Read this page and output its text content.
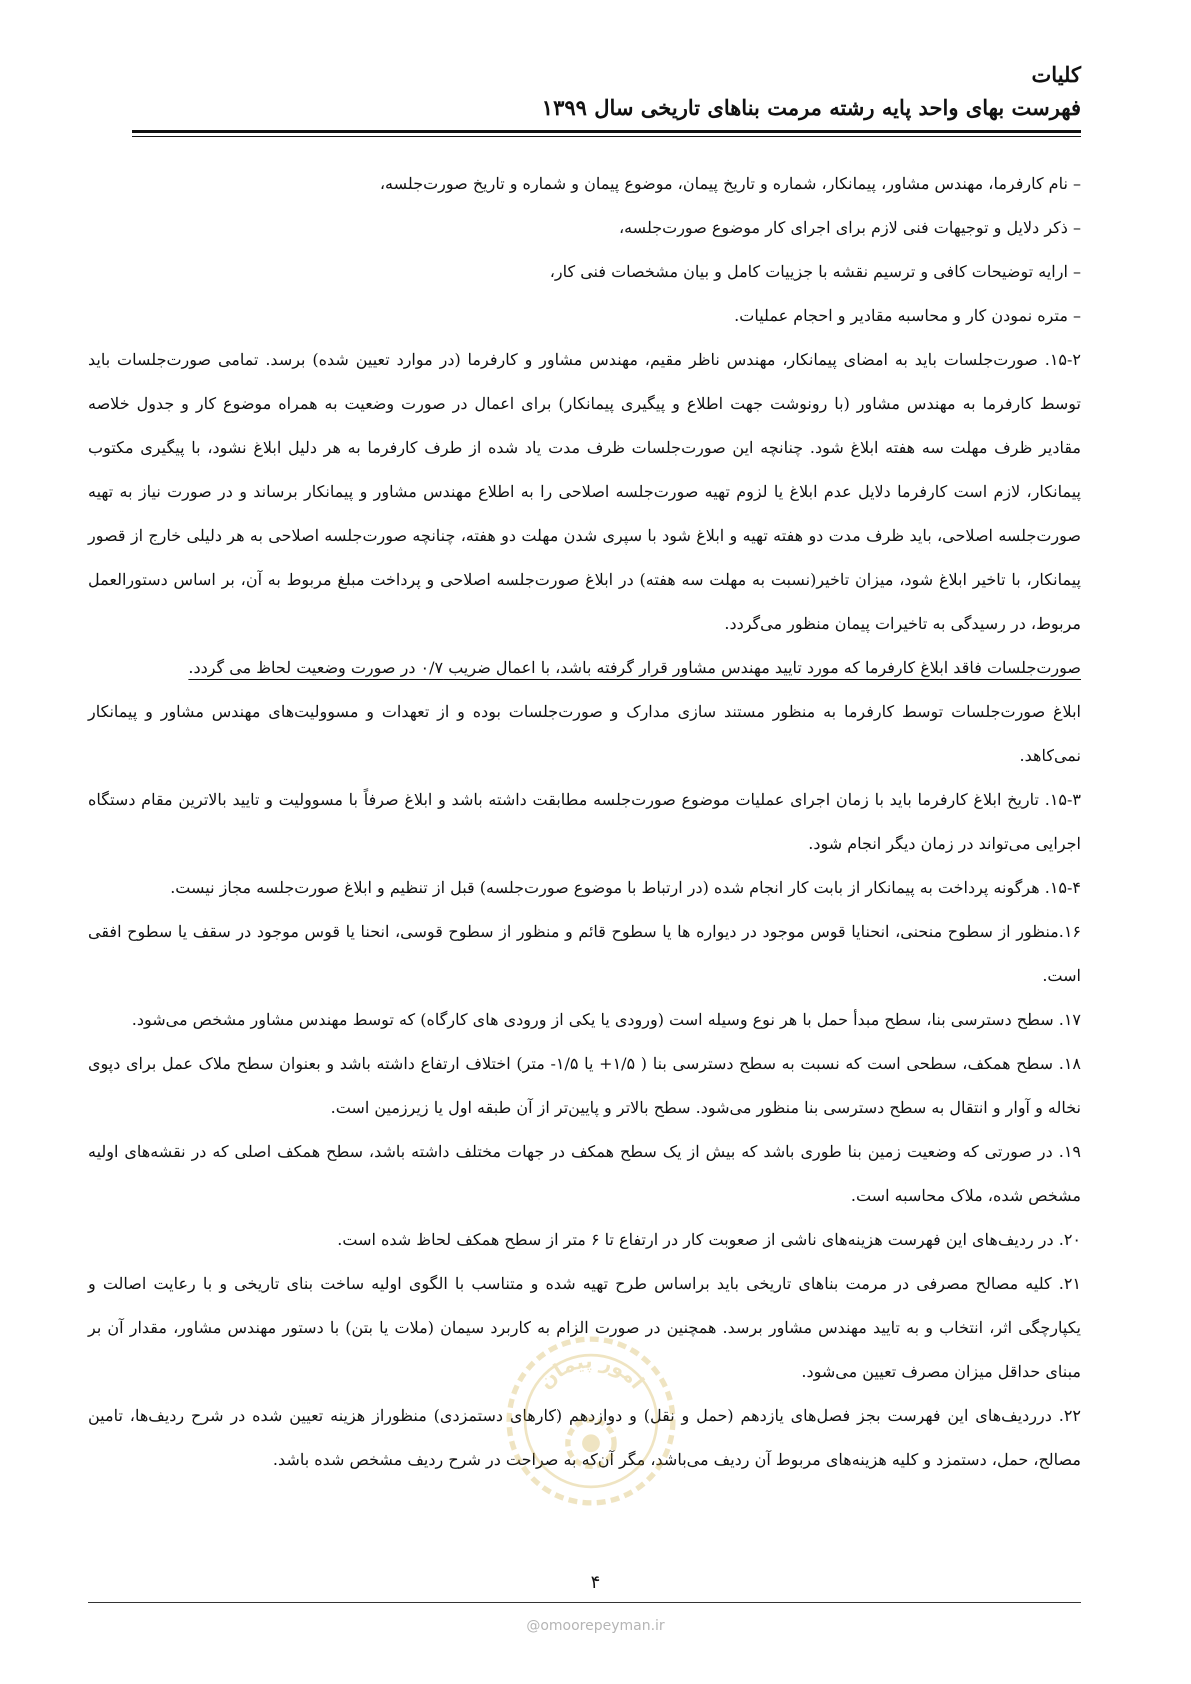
کلیات
فهرست بهای واحد پایه رشته مرمت بناهای تاریخی سال ۱۳۹۹

– نام کارفرما، مهندس مشاور، پیمانکار، شماره و تاریخ پیمان، موضوع پیمان و شماره و تاریخ صورت‌جلسه،

– ذکر دلایل و توجیهات فنی لازم برای اجرای کار موضوع صورت‌جلسه،

– ارایه توضیحات کافی و ترسیم نقشه با جزییات کامل و بیان مشخصات فنی کار،

– متره نمودن کار و محاسبه مقادیر و احجام عملیات.

۱۵-۲. صورت‌جلسات باید به امضای پیمانکار، مهندس ناظر مقیم، مهندس مشاور و کارفرما (در موارد تعیین شده) برسد. تمامی صورت‌جلسات باید توسط کارفرما به مهندس مشاور (با رونوشت جهت اطلاع و پیگیری پیمانکار) برای اعمال در صورت وضعیت به همراه موضوع کار و جدول خلاصه مقادیر ظرف مهلت سه هفته ابلاغ شود. چنانچه این صورت‌جلسات ظرف مدت یاد شده از طرف کارفرما به هر دلیل ابلاغ نشود، با پیگیری مکتوب پیمانکار، لازم است کارفرما دلایل عدم ابلاغ یا لزوم تهیه صورت‌جلسه اصلاحی را به اطلاع مهندس مشاور و پیمانکار برساند و در صورت نیاز به تهیه صورت‌جلسه اصلاحی، باید ظرف مدت دو هفته تهیه و ابلاغ شود با سپری شدن مهلت دو هفته، چنانچه صورت‌جلسه اصلاحی به هر دلیلی خارج از قصور پیمانکار، با تاخیر ابلاغ شود، میزان تاخیر(نسبت به مهلت سه هفته) در ابلاغ صورت‌جلسه اصلاحی و پرداخت مبلغ مربوط به آن، بر اساس دستورالعمل مربوط، در رسیدگی به تاخیرات پیمان منظور می‌گردد.

صورت‌جلسات فاقد ابلاغ کارفرما که مورد تایید مهندس مشاور قرار گرفته باشد، با اعمال ضریب ۰/۷ در صورت وضعیت لحاظ می گردد.

ابلاغ صورت‌جلسات توسط کارفرما به منظور مستند سازی مدارک و صورت‌جلسات بوده و از تعهدات و مسوولیت‌های مهندس مشاور و پیمانکار نمی‌کاهد.

۱۵-۳. تاریخ ابلاغ کارفرما باید با زمان اجرای عملیات موضوع صورت‌جلسه مطابقت داشته باشد و ابلاغ صرفاً با مسوولیت و تایید بالاترین مقام دستگاه اجرایی می‌تواند در زمان دیگر انجام شود.

۱۵-۴. هرگونه پرداخت به پیمانکار از بابت کار انجام شده (در ارتباط با موضوع صورت‌جلسه) قبل از تنظیم و ابلاغ صورت‌جلسه مجاز نیست.

۱۶.منظور از سطوح منحنی، انحنایا قوس موجود در دیواره ها یا سطوح قائم و منظور از سطوح قوسی، انحنا یا قوس موجود در سقف یا سطوح افقی است.

۱۷. سطح دسترسی بنا، سطح مبدأ حمل با هر نوع وسیله است (ورودی یا یکی از ورودی های کارگاه) که توسط مهندس مشاور مشخص می‌شود.

۱۸. سطح همکف، سطحی است که نسبت به سطح دسترسی بنا ( ۱/۵+ یا ۱/۵- متر) اختلاف ارتفاع داشته باشد و بعنوان سطح ملاک عمل برای دپوی نخاله و آوار و انتقال به سطح دسترسی بنا منظور می‌شود. سطح بالاتر و پایین‌تر از آن طبقه اول یا زیرزمین است.

۱۹. در صورتی که وضعیت زمین بنا طوری باشد که بیش از یک سطح همکف در جهات مختلف داشته باشد، سطح همکف اصلی که در نقشه‌های اولیه مشخص شده، ملاک محاسبه است.

۲۰. در ردیف‌های این فهرست هزینه‌های ناشی از صعوبت کار در ارتفاع تا ۶ متر از سطح همکف لحاظ شده است.

۲۱. کلیه مصالح مصرفی در مرمت بناهای تاریخی باید براساس طرح تهیه شده و متناسب با الگوی اولیه ساخت بنای تاریخی و با رعایت اصالت و یکپارچگی اثر، انتخاب و به تایید مهندس مشاور برسد. همچنین در صورت الزام به کاربرد سیمان (ملات یا بتن) با دستور مهندس مشاور، مقدار آن بر مبنای حداقل میزان مصرف تعیین می‌شود.

۲۲. درردیف‌های این فهرست بجز فصل‌های یازدهم (حمل و نقل) و دوازدهم (کارهای دستمزدی) منظوراز هزینه تعیین شده در شرح ردیف‌ها، تامین مصالح، حمل، دستمزد و کلیه هزینه‌های مربوط آن ردیف می‌باشد، مگر آن‌که به صراحت در شرح ردیف مشخص شده باشد.

امور پیمان
۴
@omoorepeyman.ir
